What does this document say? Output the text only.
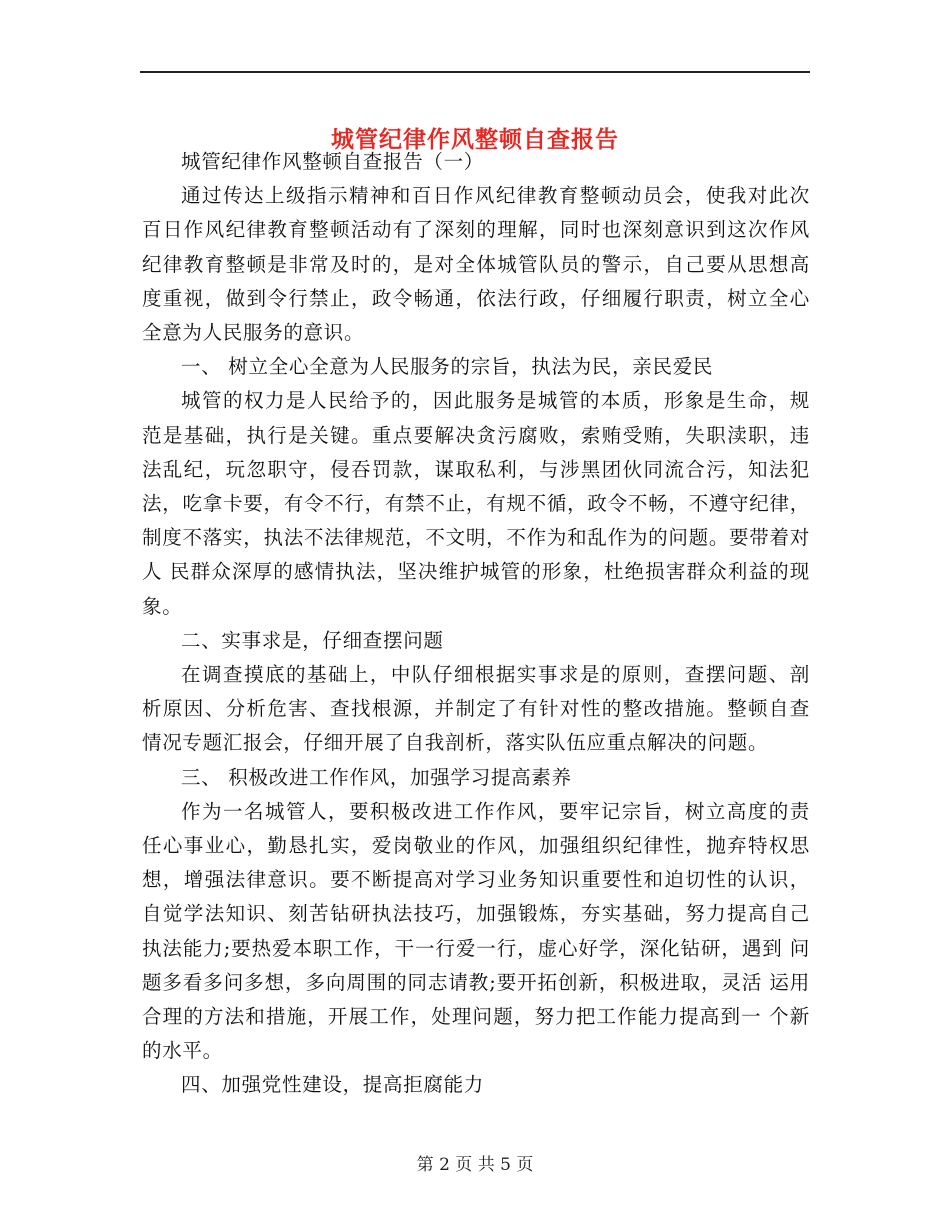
城管纪律作风整顿自查报告

城管纪律作风整顿自查报告（一）

通过传达上级指示精神和百日作风纪律教育整顿动员会，使我对此次 百日作风纪律教育整顿活动有了深刻的理解，同时也深刻意识到这次作风 纪律教育整顿是非常及时的，是对全体城管队员的警示，自己要从思想高 度重视，做到令行禁止，政令畅通，依法行政，仔细履行职责，树立全心 全意为人民服务的意识。

一、 树立全心全意为人民服务的宗旨，执法为民，亲民爱民

城管的权力是人民给予的，因此服务是城管的本质，形象是生命，规 范是基础，执行是关键。重点要解决贪污腐败，索贿受贿，失职渎职，违 法乱纪，玩忽职守，侵吞罚款，谋取私利，与涉黑团伙同流合污，知法犯 法，吃拿卡要，有令不行，有禁不止，有规不循，政令不畅，不遵守纪律， 制度不落实，执法不法律规范，不文明，不作为和乱作为的问题。要带着对人 民群众深厚的感情执法，坚决维护城管的形象，杜绝损害群众利益的现象。

二、实事求是，仔细查摆问题

在调查摸底的基础上，中队仔细根据实事求是的原则，查摆问题、剖 析原因、分析危害、查找根源，并制定了有针对性的整改措施。整顿自查 情况专题汇报会，仔细开展了自我剖析，落实队伍应重点解决的问题。

三、 积极改进工作作风，加强学习提高素养

作为一名城管人，要积极改进工作作风，要牢记宗旨，树立高度的责 任心事业心，勤恳扎实，爱岗敬业的作风，加强组织纪律性，抛弃特权思 想，增强法律意识。要不断提高对学习业务知识重要性和迫切性的认识， 自觉学法知识、刻苦钻研执法技巧，加强锻炼，夯实基础，努力提高自己 执法能力;要热爱本职工作，干一行爱一行，虚心好学，深化钻研，遇到 问题多看多问多想，多向周围的同志请教;要开拓创新，积极进取，灵活 运用合理的方法和措施，开展工作，处理问题，努力把工作能力提高到一 个新的水平。

四、加强党性建设，提高拒腐能力

第 2 页 共 5 页
